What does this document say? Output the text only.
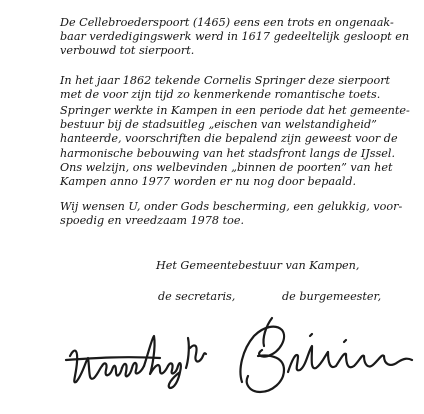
De Cellebroederspoort (1465) eens een trots en ongenaak-
baar verdedigingswerk werd in 1617 gedeeltelijk gesloopt en
verbouwd tot sierpoort.

In het jaar 1862 tekende Cornelis Springer deze sierpoort
met de voor zijn tijd zo kenmerkende romantische toets.

Springer werkte in Kampen in een periode dat het gemeente-
bestuur bij de stadsuitleg „eischen van welstandigheid”
hanteerde, voorschriften die bepalend zijn geweest voor de
harmonische bebouwing van het stadsfront langs de IJssel.
Ons welzijn, ons welbevinden „binnen de poorten” van het
Kampen anno 1977 worden er nu nog door bepaald.

Wij wensen U, onder Gods bescherming, een gelukkig, voor-
spoedig en vreedzaam 1978 toe.

Het Gemeentebestuur van Kampen,
de secretaris,	de burgemeester,
